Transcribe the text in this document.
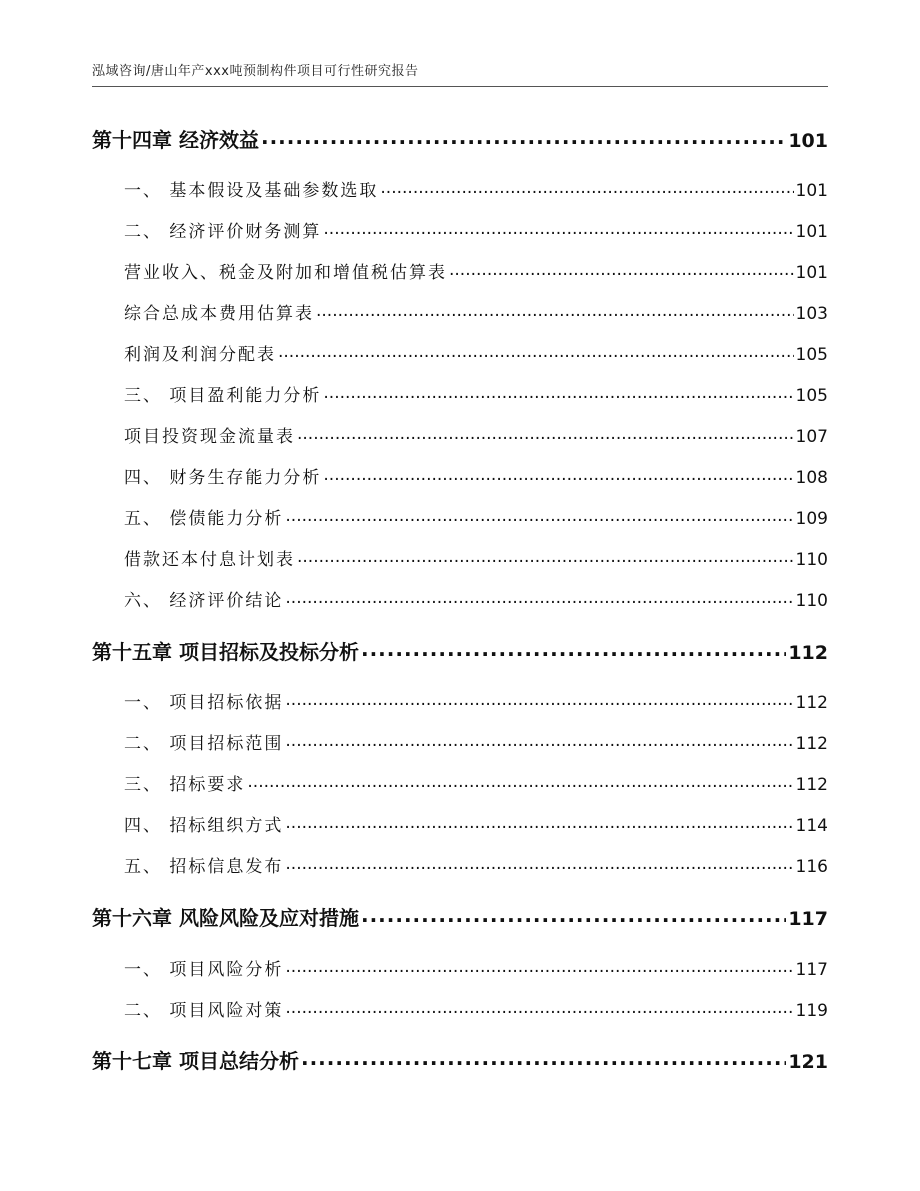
泓域咨询/唐山年产xxx吨预制构件项目可行性研究报告
第十四章 经济效益 .....	101
一、 基本假设及基础参数选取 .....	101
二、 经济评价财务测算 .....	101
营业收入、税金及附加和增值税估算表 .....	101
综合总成本费用估算表 .....	103
利润及利润分配表 .....	105
三、 项目盈利能力分析 .....	105
项目投资现金流量表 .....	107
四、 财务生存能力分析 .....	108
五、 偿债能力分析 .....	109
借款还本付息计划表 .....	110
六、 经济评价结论 .....	110
第十五章 项目招标及投标分析 .....	112
一、 项目招标依据 .....	112
二、 项目招标范围 .....	112
三、 招标要求 .....	112
四、 招标组织方式 .....	114
五、 招标信息发布 .....	116
第十六章 风险风险及应对措施 .....	117
一、 项目风险分析 .....	117
二、 项目风险对策 .....	119
第十七章 项目总结分析 .....	121
